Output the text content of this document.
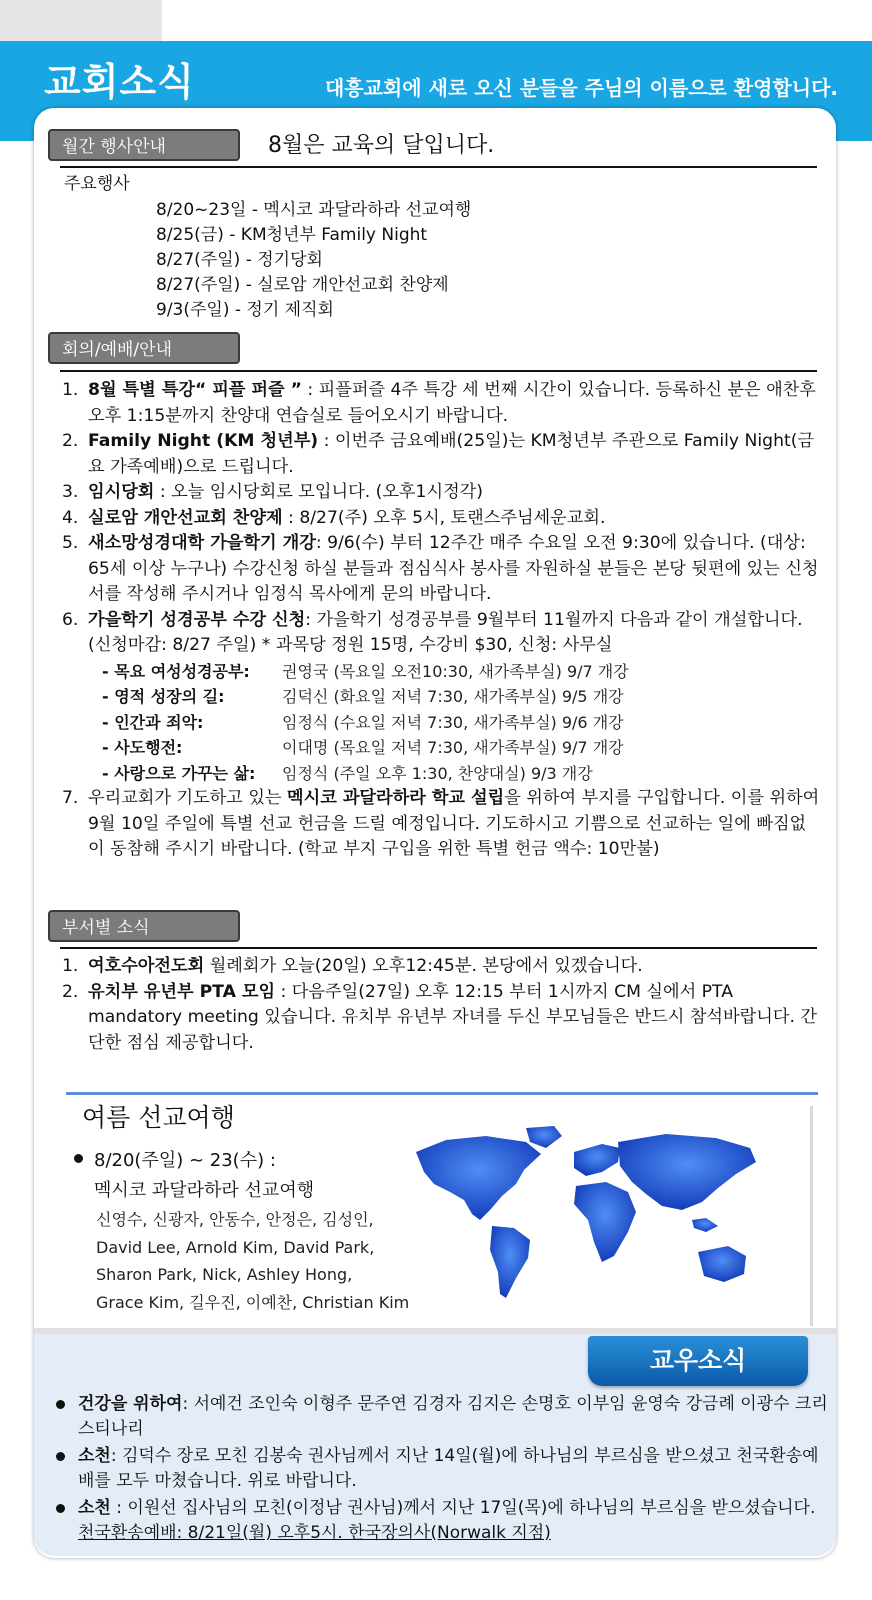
교회소식	대흥교회에 새로 오신 분들을 주님의 이름으로 환영합니다.
월간 행사안내	8월은 교육의 달입니다.
주요행사
8/20~23일 - 멕시코 과달라하라 선교여행
8/25(금) - KM청년부 Family Night
8/27(주일) - 정기당회
8/27(주일) - 실로암 개안선교회 찬양제
9/3(주일) - 정기 제직회
회의/예배/안내
1. 8월 특별 특강“ 피플 퍼즐 ” : 피플퍼즐 4주 특강 세 번째 시간이 있습니다. 등록하신 분은 애찬후 오후 1:15분까지 찬양대 연습실로 들어오시기 바랍니다.
2. Family Night (KM 청년부) : 이번주 금요예배(25일)는 KM청년부 주관으로 Family Night(금요 가족예배)으로 드립니다.
3. 임시당회 : 오늘 임시당회로 모입니다. (오후1시정각)
4. 실로암 개안선교회 찬양제 : 8/27(주) 오후 5시, 토랜스주님세운교회.
5. 새소망성경대학 가을학기 개강: 9/6(수) 부터 12주간 매주 수요일 오전 9:30에 있습니다. (대상: 65세 이상 누구나) 수강신청 하실 분들과 점심식사 봉사를 자원하실 분들은 본당 뒷편에 있는 신청서를 작성해 주시거나 임정식 목사에게 문의 바랍니다.
6. 가을학기 성경공부 수강 신청: 가을학기 성경공부를 9월부터 11월까지 다음과 같이 개설합니다. (신청마감: 8/27 주일) * 과목당 정원 15명, 수강비 $30, 신청: 사무실
- 목요 여성성경공부: 권영국 (목요일 오전10:30, 새가족부실) 9/7 개강
- 영적 성장의 길:	김덕신 (화요일 저녁 7:30, 새가족부실) 9/5 개강
- 인간과 죄악:	임정식 (수요일 저녁 7:30, 새가족부실) 9/6 개강
- 사도행전:	이대명 (목요일 저녁 7:30, 새가족부실) 9/7 개강
- 사랑으로 가꾸는 삶: 임정식 (주일 오후 1:30, 찬양대실) 9/3 개강
7. 우리교회가 기도하고 있는 멕시코 과달라하라 학교 설립을 위하여 부지를 구입합니다. 이를 위하여 9월 10일 주일에 특별 선교 헌금을 드릴 예정입니다. 기도하시고 기쁨으로 선교하는 일에 빠짐없이 동참해 주시기 바랍니다. (학교 부지 구입을 위한 특별 헌금 액수: 10만불)
부서별 소식
1. 여호수아전도회 월례회가 오늘(20일) 오후12:45분. 본당에서 있겠습니다.
2. 유치부 유년부 PTA 모임 : 다음주일(27일) 오후 12:15 부터 1시까지 CM 실에서 PTA mandatory meeting 있습니다. 유치부 유년부 자녀를 두신 부모님들은 반드시 참석바랍니다. 간단한 점심 제공합니다.
여름 선교여행
8/20(주일) ~ 23(수) :
멕시코 과달라하라 선교여행
신영수, 신광자, 안동수, 안정은, 김성인,
David Lee, Arnold Kim, David Park,
Sharon Park, Nick, Ashley Hong,
Grace Kim, 길우진, 이예찬, Christian Kim
교우소식
건강을 위하여: 서예건 조인숙 이형주 문주연 김경자 김지은 손명호 이부임 윤영숙 강금례 이광수 크리스티나리
소천: 김덕수 장로 모친 김봉숙 권사님께서 지난 14일(월)에 하나님의 부르심을 받으셨고 천국환송예배를 모두 마쳤습니다. 위로 바랍니다.
소천 : 이원선 집사님의 모친(이정남 권사님)께서 지난 17일(목)에 하나님의 부르심을 받으셨습니다. 천국환송예배: 8/21일(월) 오후5시. 한국장의사(Norwalk 지점)
